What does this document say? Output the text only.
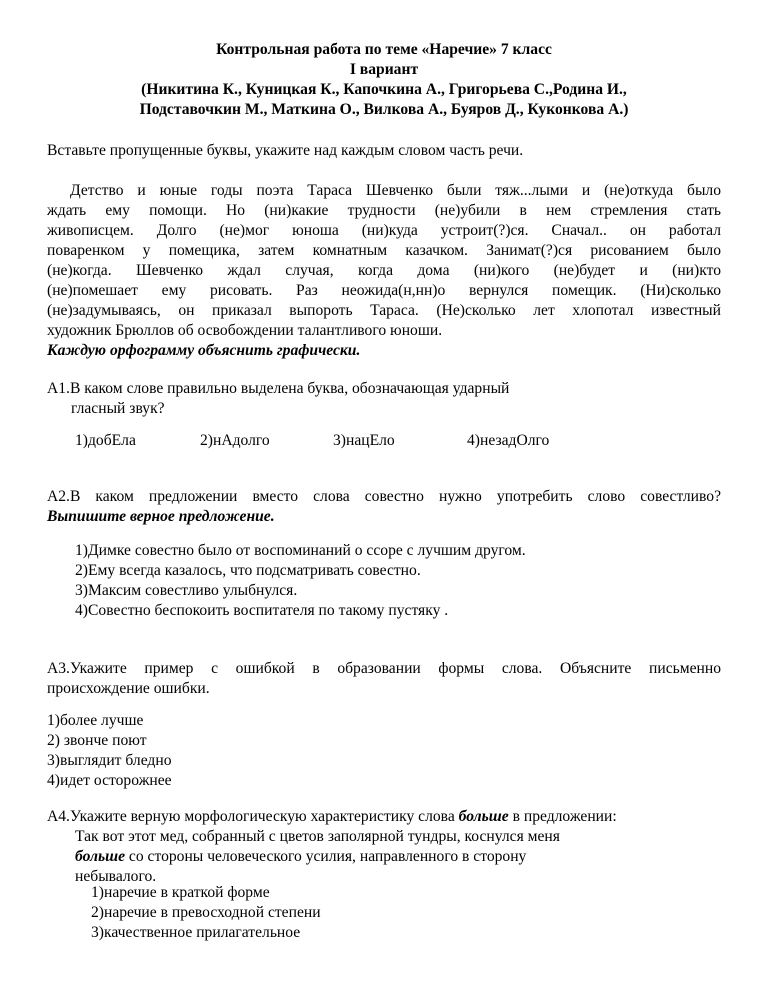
Контрольная работа по теме «Наречие» 7 класс
I вариант
(Никитина К., Куницкая К., Капочкина А., Григорьева С.,Родина И.,
Подставочкин М., Маткина О., Вилкова А., Буяров Д., Куконкова А.)
Вставьте пропущенные буквы, укажите над каждым словом часть речи.
Детство и юные годы поэта Тараса Шевченко были тяж...лыми и (не)откуда было
ждать ему помощи. Но (ни)какие трудности (не)убили в нем стремления стать
живописцем. Долго (не)мог юноша (ни)куда устроит(?)ся. Сначал.. он работал
поваренком у помещика, затем комнатным казачком. Занимат(?)ся рисованием было
(не)когда. Шевченко ждал случая, когда дома (ни)кого (не)будет и (ни)кто
(не)помешает ему рисовать. Раз неожида(н,нн)о вернулся помещик. (Ни)сколько
(не)задумываясь, он приказал выпороть Тараса. (Не)сколько лет хлопотал известный
художник Брюллов об освобождении талантливого юноши.
Каждую орфограмму объяснить графически.
А1.В каком слове правильно выделена буква, обозначающая ударный
гласный звук?
1)добЕла	2)нАдолго	3)нацЕло	4)незадОлго
А2.В каком предложении вместо слова совестно нужно употребить слово совестливо?
Выпишите верное предложение.
1)Димке совестно было от воспоминаний о ссоре с лучшим другом.
2)Ему всегда казалось, что подсматривать совестно.
3)Максим совестливо улыбнулся.
4)Совестно беспокоить воспитателя по такому пустяку .
А3.Укажите пример с ошибкой в образовании формы слова. Объясните письменно
происхождение ошибки.
1)более лучше
2) звонче поют
3)выглядит бледно
4)идет осторожнее
А4.Укажите верную морфологическую характеристику слова больше в предложении:
Так вот этот мед, собранный с цветов заполярной тундры, коснулся меня
больше со стороны человеческого усилия, направленного в сторону
небывалого.
1)наречие в краткой форме
2)наречие в превосходной степени
3)качественное прилагательное
